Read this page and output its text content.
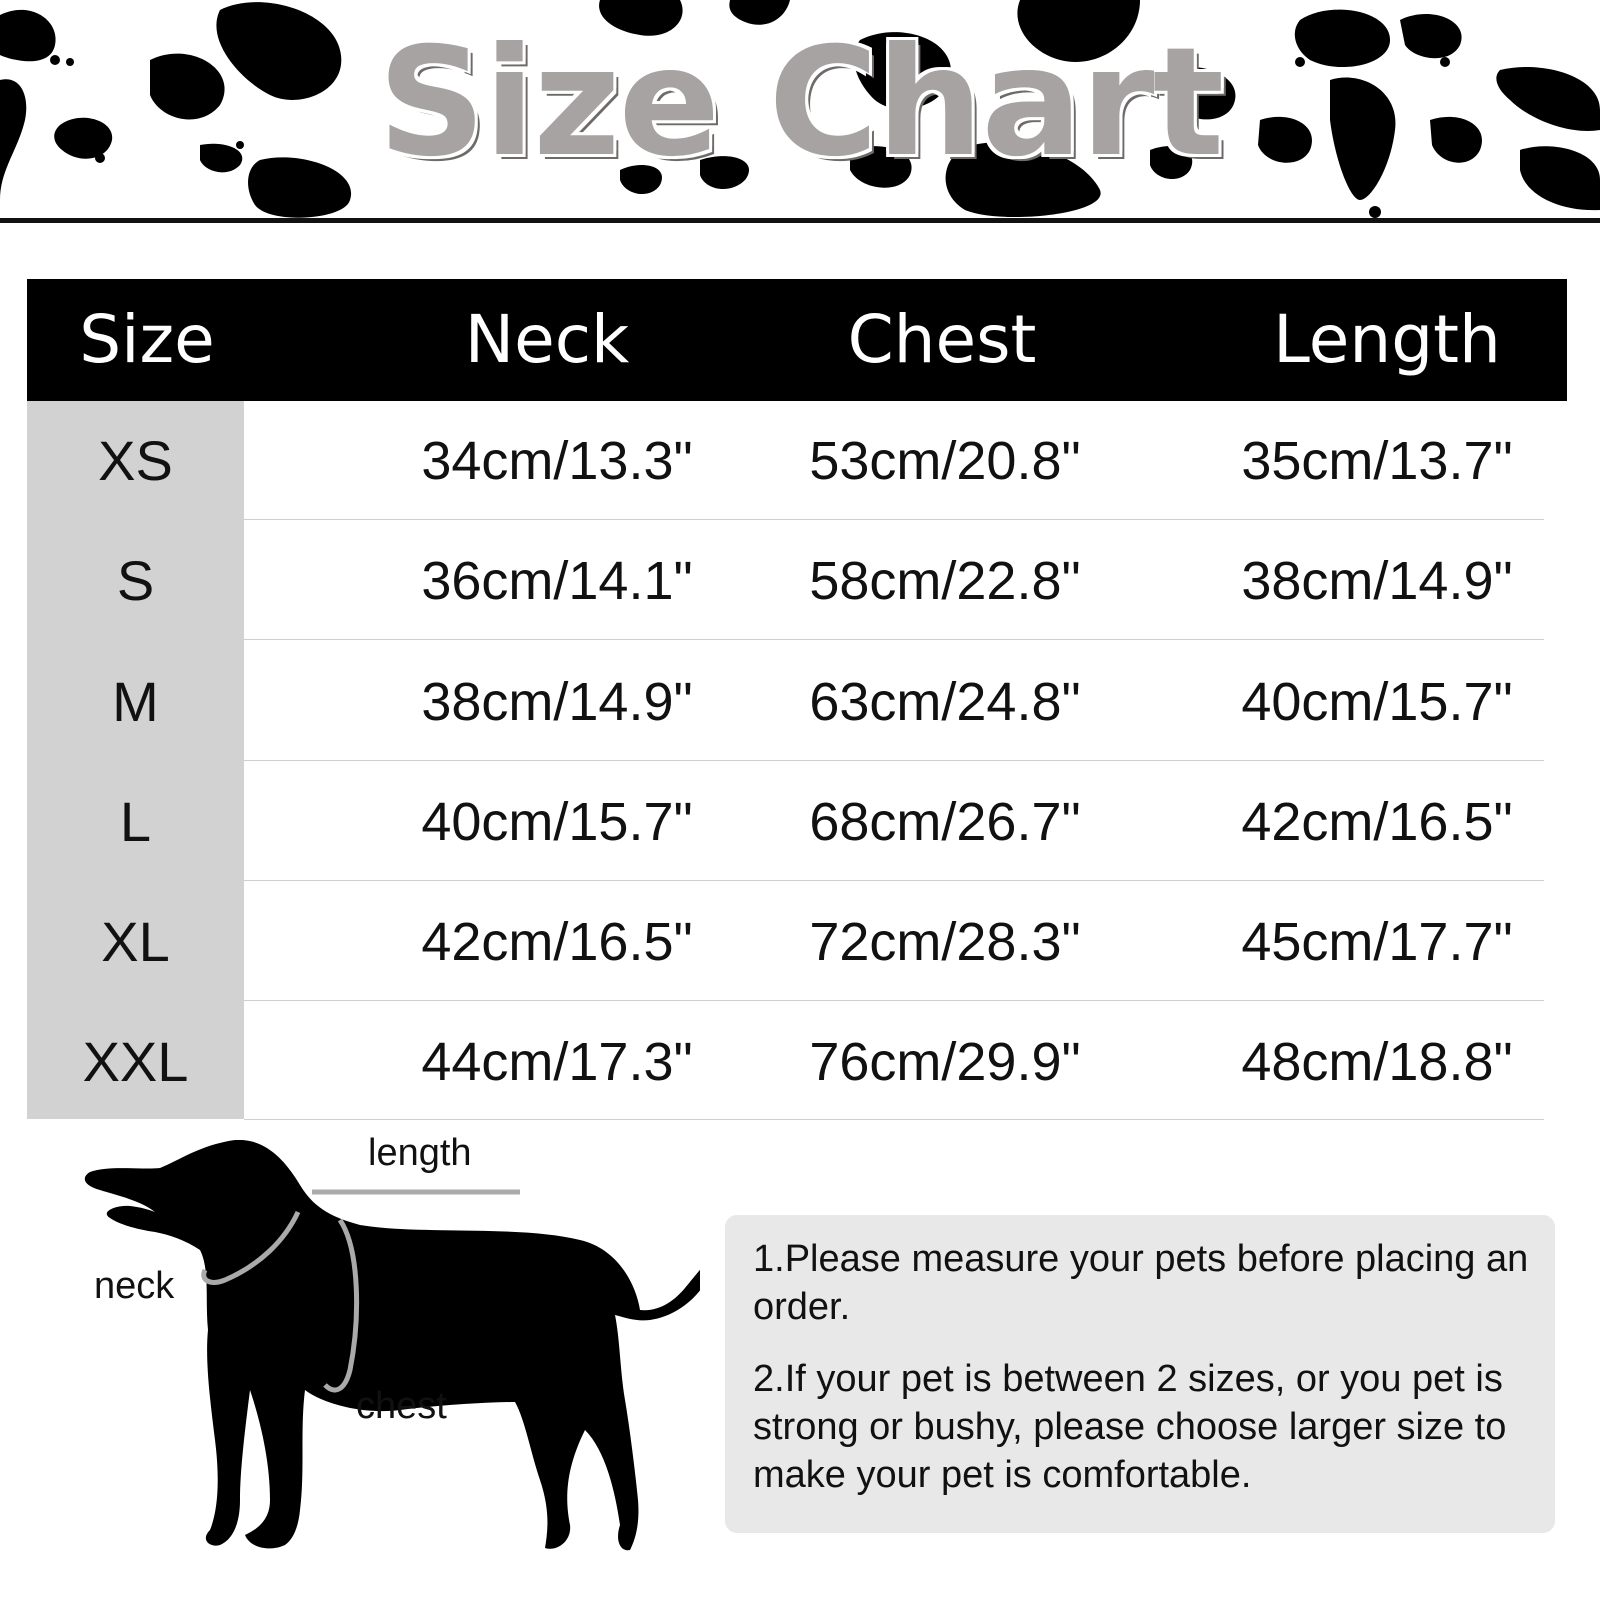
Size Chart
Size	Neck	Chest	Length
XS	34cm/13.3"	53cm/20.8"	35cm/13.7"
S	36cm/14.1"	58cm/22.8"	38cm/14.9"
M	38cm/14.9"	63cm/24.8"	40cm/15.7"
L	40cm/15.7"	68cm/26.7"	42cm/16.5"
XL	42cm/16.5"	72cm/28.3"	45cm/17.7"
XXL	44cm/17.3"	76cm/29.9"	48cm/18.8"
length
neck
chest
1.Please measure your pets before placing an order.
2.If your pet is between 2 sizes, or you pet is strong or bushy, please choose larger size to make your pet is comfortable.
